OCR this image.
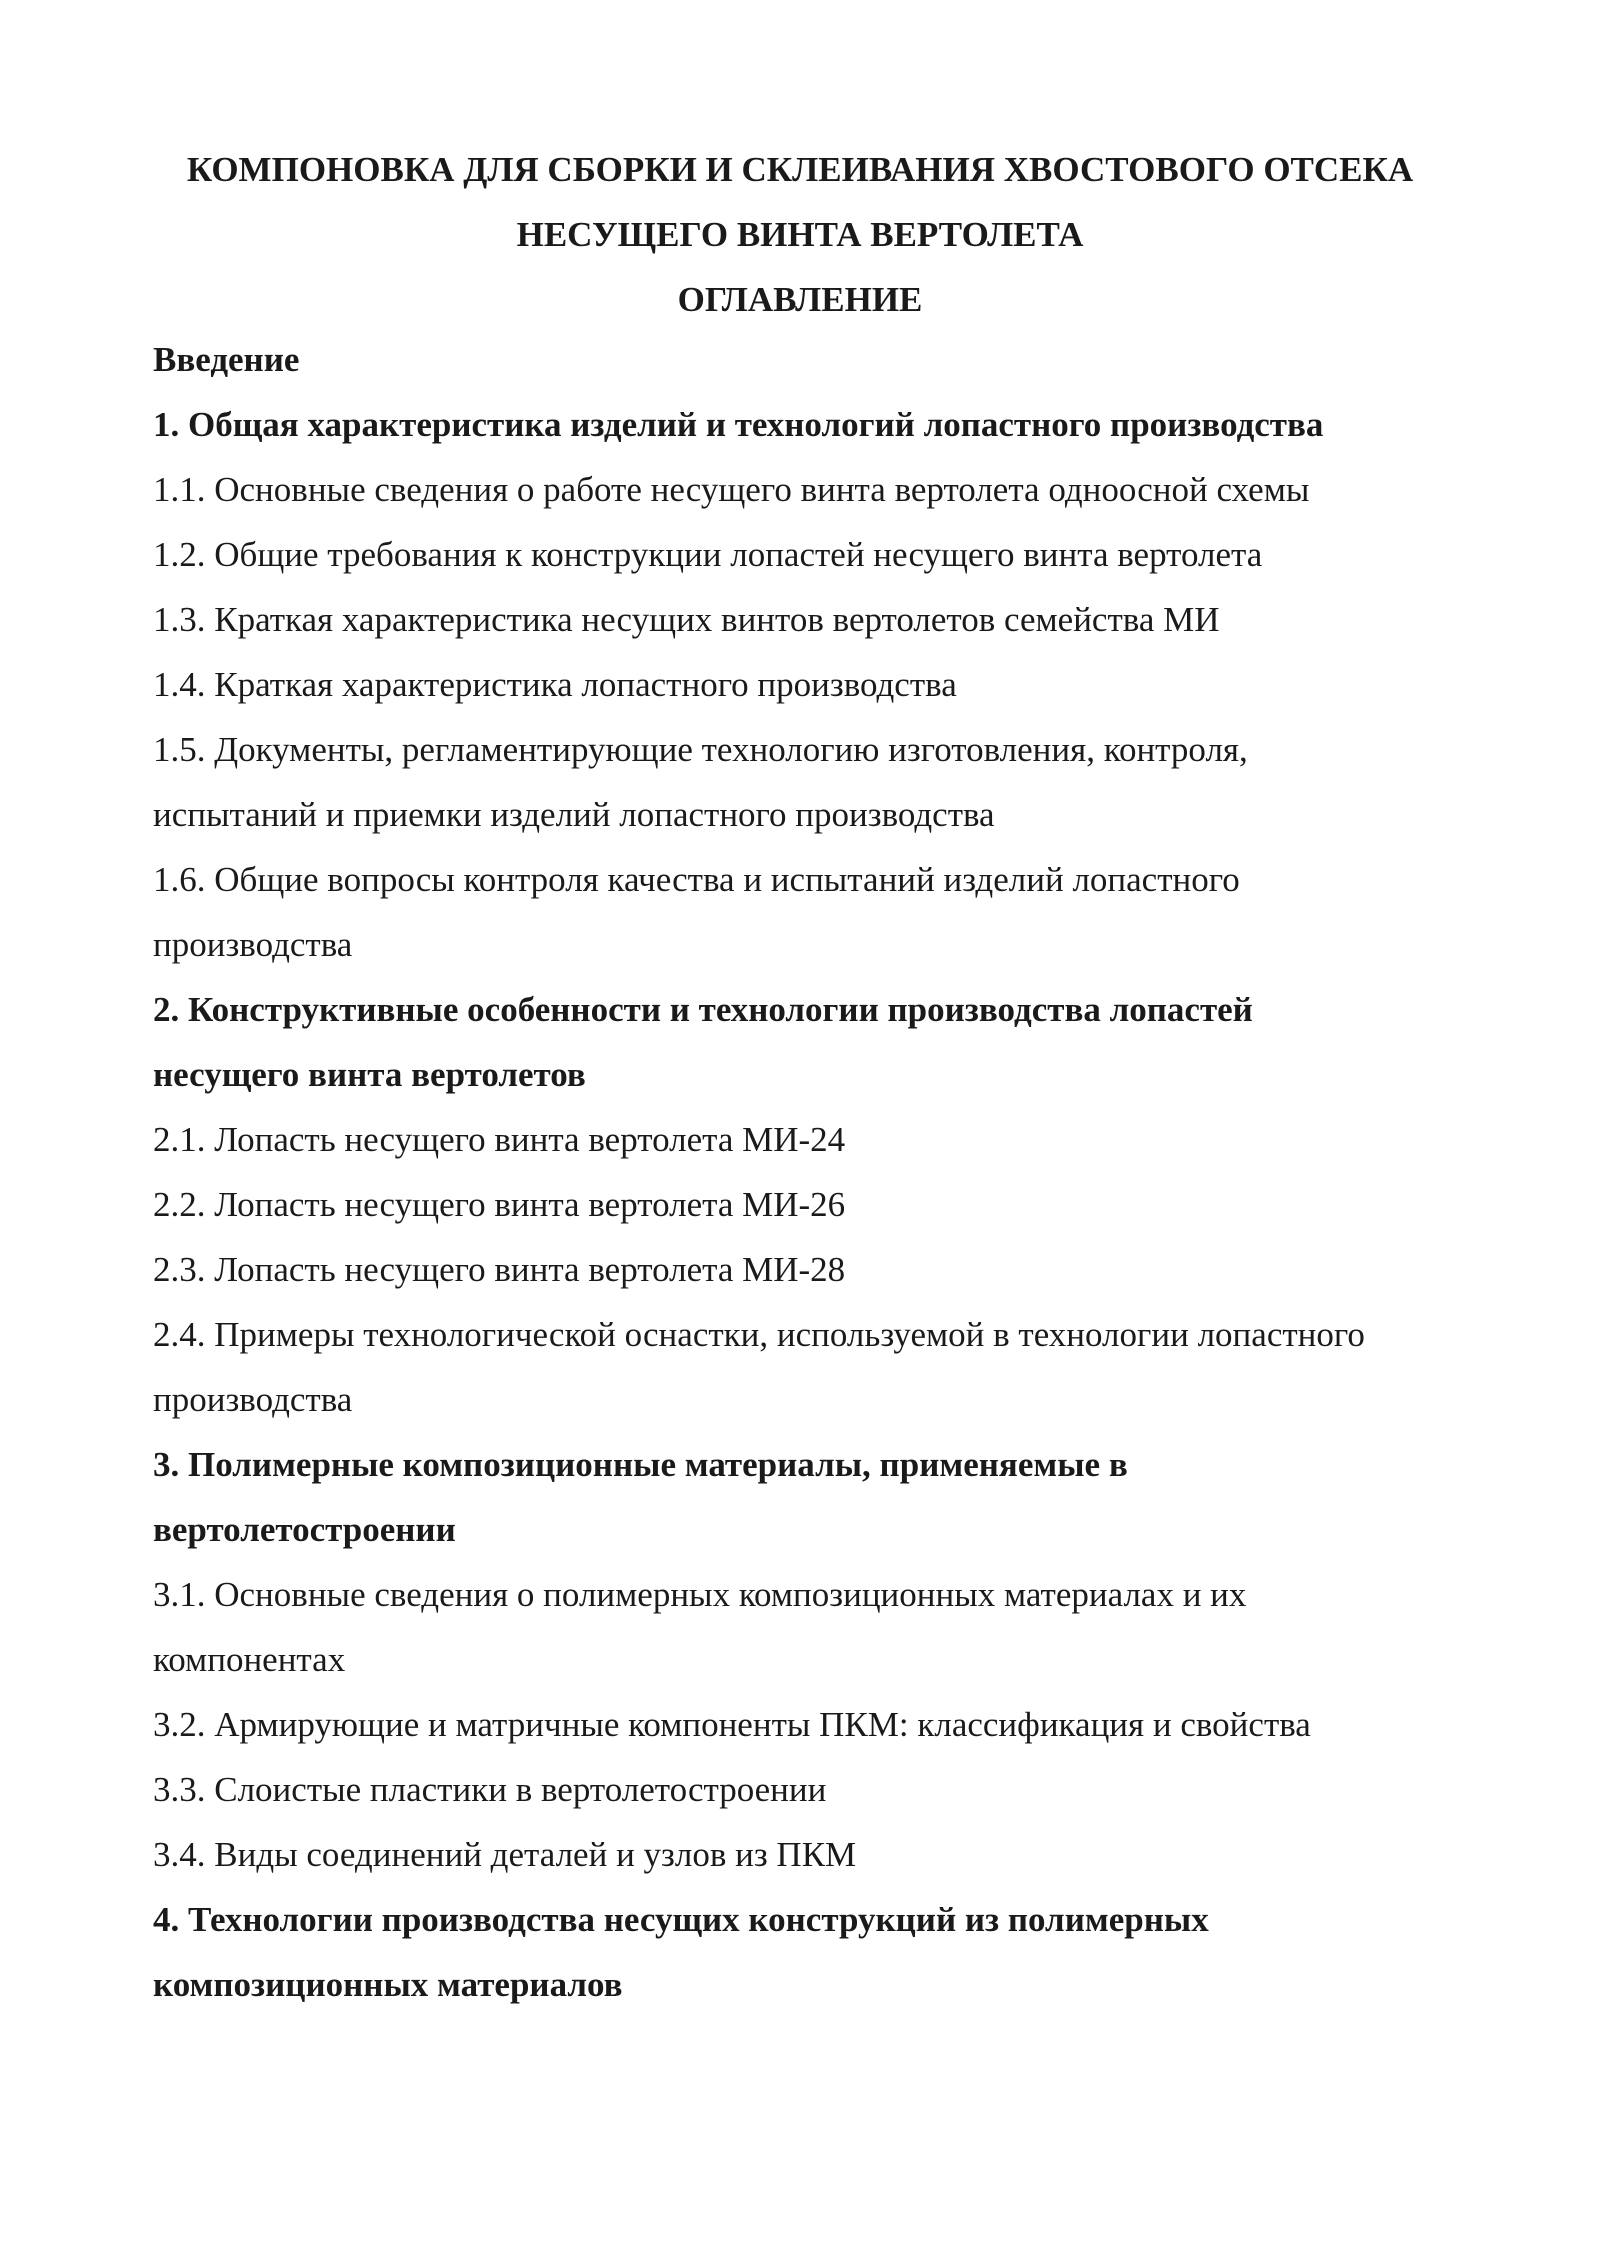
КОМПОНОВКА ДЛЯ СБОРКИ И СКЛЕИВАНИЯ ХВОСТОВОГО ОТСЕКА
НЕСУЩЕГО ВИНТА ВЕРТОЛЕТА
ОГЛАВЛЕНИЕ
Введение
1. Общая характеристика изделий и технологий лопастного производства
1.1. Основные сведения о работе несущего винта вертолета одноосной схемы
1.2. Общие требования к конструкции лопастей несущего винта вертолета
1.3. Краткая характеристика несущих винтов вертолетов семейства МИ
1.4. Краткая характеристика лопастного производства
1.5. Документы, регламентирующие технологию изготовления, контроля,
испытаний и приемки изделий лопастного производства
1.6. Общие вопросы контроля качества и испытаний изделий лопастного
производства
2. Конструктивные особенности и технологии производства лопастей
несущего винта вертолетов
2.1. Лопасть несущего винта вертолета МИ-24
2.2. Лопасть несущего винта вертолета МИ-26
2.3. Лопасть несущего винта вертолета МИ-28
2.4. Примеры технологической оснастки, используемой в технологии лопастного
производства
3. Полимерные композиционные материалы, применяемые в
вертолетостроении
3.1. Основные сведения о полимерных композиционных материалах и их
компонентах
3.2. Армирующие и матричные компоненты ПКМ: классификация и свойства
3.3. Слоистые пластики в вертолетостроении
3.4. Виды соединений деталей и узлов из ПКМ
4. Технологии производства несущих конструкций из полимерных
композиционных материалов
